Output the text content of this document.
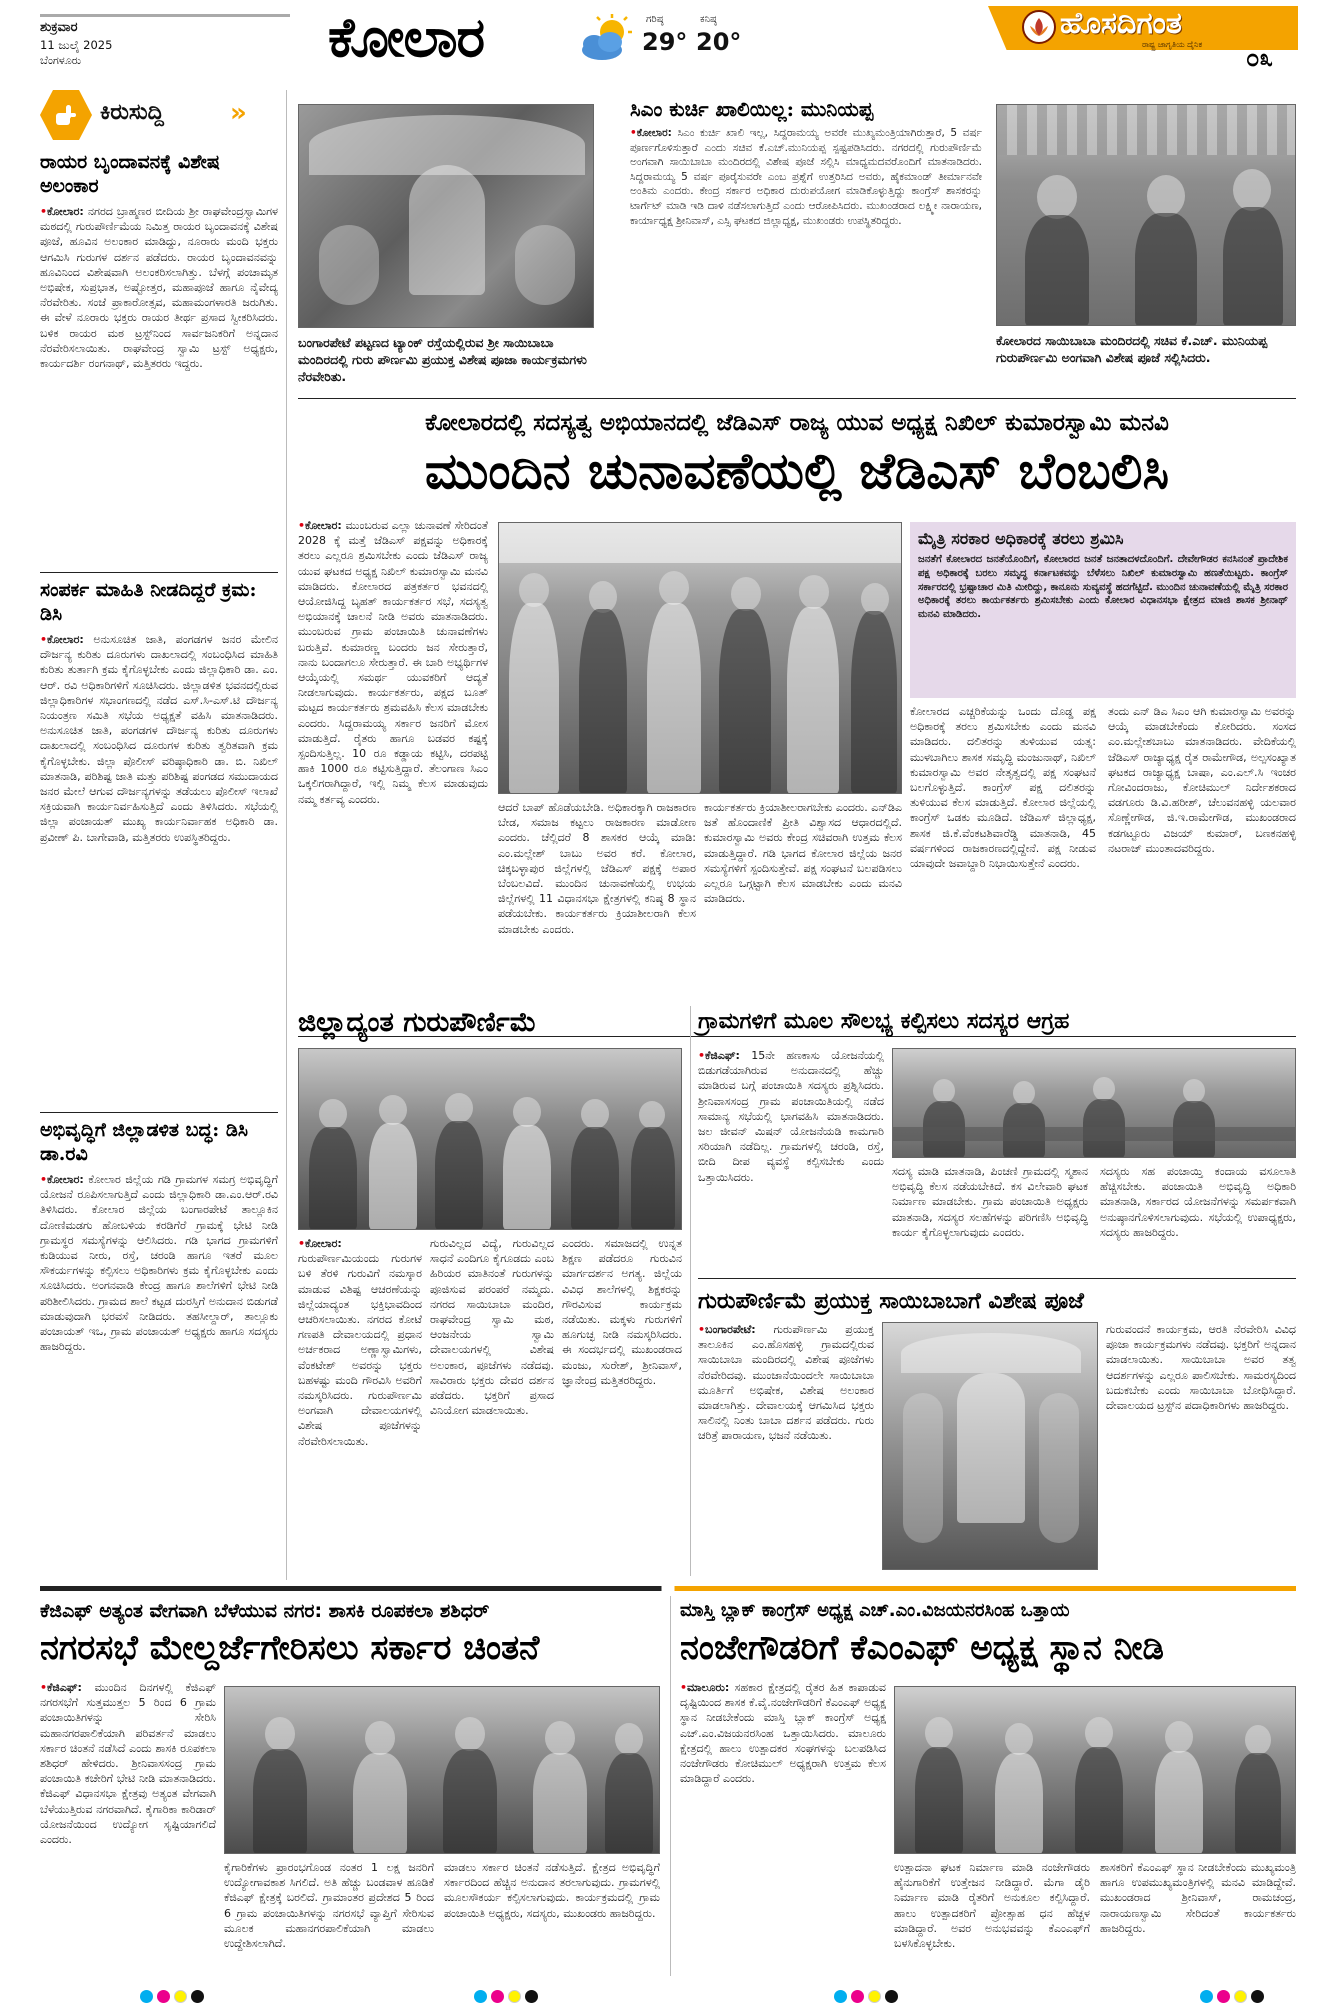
ಶುಕ್ರವಾರ
11 ಜುಲೈ 2025
ಬೆಂಗಳೂರು	ಕೋಲಾರ	ಗರಿಷ್ಠ
29°
ಕನಿಷ್ಠ
20°
ಹೊಸದಿಗಂತ
ರಾಷ್ಟ್ರ ಜಾಗೃತಿಯ ದೈನಿಕ ೦೩
ಕಿರುಸುದ್ದಿ	»
ರಾಯರ ಬೃಂದಾವನಕ್ಕೆ ವಿಶೇಷ ಅಲಂಕಾರ
•ಕೋಲಾರ: ನಗರದ ಬ್ರಾಹ್ಮಣರ ಬೀದಿಯ ಶ್ರೀ ರಾಘವೇಂದ್ರಸ್ವಾಮಿಗಳ ಮಠದಲ್ಲಿ ಗುರುಪೌರ್ಣಿಮೆಯ ನಿಮಿತ್ತ ರಾಯರ ಬೃಂದಾವನಕ್ಕೆ ವಿಶೇಷ ಪೂಜೆ, ಹೂವಿನ ಅಲಂಕಾರ ಮಾಡಿದ್ದು, ನೂರಾರು ಮಂದಿ ಭಕ್ತರು ಆಗಮಿಸಿ ಗುರುಗಳ ದರ್ಶನ ಪಡೆದರು. ರಾಯರ ಬೃಂದಾವನವನ್ನು ಹೂವಿನಿಂದ ವಿಶೇಷವಾಗಿ ಅಲಂಕರಿಸಲಾಗಿತ್ತು. ಬೆಳಗ್ಗೆ ಪಂಚಾಮೃತ ಅಭಿಷೇಕ, ಸುಪ್ರಭಾತ, ಅಷ್ಟೋತ್ತರ, ಮಹಾಪೂಜೆ ಹಾಗೂ ನೈವೇದ್ಯ ನೆರವೇರಿತು. ಸಂಜೆ ಪ್ರಾಕಾರೋತ್ಸವ, ಮಹಾಮಂಗಳಾರತಿ ಜರುಗಿತು. ಈ ವೇಳೆ ನೂರಾರು ಭಕ್ತರು ರಾಯರ ತೀರ್ಥ ಪ್ರಸಾದ ಸ್ವೀಕರಿಸಿದರು. ಬಳಿಕ ರಾಯರ ಮಠ ಟ್ರಸ್ಟ್‌ನಿಂದ ಸಾರ್ವಜನಿಕರಿಗೆ ಅನ್ನದಾನ ನೆರವೇರಿಸಲಾಯಿತು. ರಾಘವೇಂದ್ರ ಸ್ವಾಮಿ ಟ್ರಸ್ಟ್ ಅಧ್ಯಕ್ಷರು, ಕಾರ್ಯದರ್ಶಿ ರಂಗನಾಥ್, ಮತ್ತಿತರರು ಇದ್ದರು.
ಸಂಪರ್ಕ ಮಾಹಿತಿ ನೀಡದಿದ್ದರೆ ಕ್ರಮ: ಡಿಸಿ
•ಕೋಲಾರ: ಅನುಸೂಚಿತ ಜಾತಿ, ಪಂಗಡಗಳ ಜನರ ಮೇಲಿನ ದೌರ್ಜನ್ಯ ಕುರಿತು ದೂರುಗಳು ದಾಖಲಾದಲ್ಲಿ ಸಂಬಂಧಿಸಿದ ಮಾಹಿತಿ ಕುರಿತು ತುರ್ತಾಗಿ ಕ್ರಮ ಕೈಗೊಳ್ಳಬೇಕು ಎಂದು ಜಿಲ್ಲಾಧಿಕಾರಿ ಡಾ. ಎಂ. ಆರ್. ರವಿ ಅಧಿಕಾರಿಗಳಿಗೆ ಸೂಚಿಸಿದರು. ಜಿಲ್ಲಾಡಳಿತ ಭವನದಲ್ಲಿರುವ ಜಿಲ್ಲಾಧಿಕಾರಿಗಳ ಸಭಾಂಗಣದಲ್ಲಿ ನಡೆದ ಎಸ್.ಸಿ-ಎಸ್.ಟಿ ದೌರ್ಜನ್ಯ ನಿಯಂತ್ರಣ ಸಮಿತಿ ಸಭೆಯ ಅಧ್ಯಕ್ಷತೆ ವಹಿಸಿ ಮಾತನಾಡಿದರು. ಅನುಸೂಚಿತ ಜಾತಿ, ಪಂಗಡಗಳ ದೌರ್ಜನ್ಯ ಕುರಿತು ದೂರುಗಳು ದಾಖಲಾದಲ್ಲಿ ಸಂಬಂಧಿಸಿದ ದೂರುಗಳ ಕುರಿತು ತ್ವರಿತವಾಗಿ ಕ್ರಮ ಕೈಗೊಳ್ಳಬೇಕು. ಜಿಲ್ಲಾ ಪೊಲೀಸ್ ವರಿಷ್ಠಾಧಿಕಾರಿ ಡಾ. ಬಿ. ನಿಖಿಲ್ ಮಾತನಾಡಿ, ಪರಿಶಿಷ್ಟ ಜಾತಿ ಮತ್ತು ಪರಿಶಿಷ್ಟ ಪಂಗಡದ ಸಮುದಾಯದ ಜನರ ಮೇಲೆ ಆಗುವ ದೌರ್ಜನ್ಯಗಳನ್ನು ತಡೆಯಲು ಪೊಲೀಸ್ ಇಲಾಖೆ ಸಕ್ರಿಯವಾಗಿ ಕಾರ್ಯನಿರ್ವಹಿಸುತ್ತಿದೆ ಎಂದು ತಿಳಿಸಿದರು. ಸಭೆಯಲ್ಲಿ ಜಿಲ್ಲಾ ಪಂಚಾಯತ್ ಮುಖ್ಯ ಕಾರ್ಯನಿರ್ವಾಹಕ ಅಧಿಕಾರಿ ಡಾ. ಪ್ರವೀಣ್ ಪಿ. ಬಾಗೇವಾಡಿ, ಮತ್ತಿತರರು ಉಪಸ್ಥಿತರಿದ್ದರು.
ಅಭಿವೃದ್ಧಿಗೆ ಜಿಲ್ಲಾಡಳಿತ ಬದ್ಧ: ಡಿಸಿ ಡಾ.ರವಿ
•ಕೋಲಾರ: ಕೋಲಾರ ಜಿಲ್ಲೆಯ ಗಡಿ ಗ್ರಾಮಗಳ ಸಮಗ್ರ ಅಭಿವೃದ್ಧಿಗೆ ಯೋಜನೆ ರೂಪಿಸಲಾಗುತ್ತಿದೆ ಎಂದು ಜಿಲ್ಲಾಧಿಕಾರಿ ಡಾ.ಎಂ.ಆರ್.ರವಿ ತಿಳಿಸಿದರು. ಕೋಲಾರ ಜಿಲ್ಲೆಯ ಬಂಗಾರಪೇಟೆ ತಾಲ್ಲೂಕಿನ ದೋಣಿಮಡಗು ಹೋಬಳಿಯ ಕರಡಿಗೆರೆ ಗ್ರಾಮಕ್ಕೆ ಭೇಟಿ ನೀಡಿ ಗ್ರಾಮಸ್ಥರ ಸಮಸ್ಯೆಗಳನ್ನು ಆಲಿಸಿದರು. ಗಡಿ ಭಾಗದ ಗ್ರಾಮಗಳಿಗೆ ಕುಡಿಯುವ ನೀರು, ರಸ್ತೆ, ಚರಂಡಿ ಹಾಗೂ ಇತರೆ ಮೂಲ ಸೌಕರ್ಯಗಳನ್ನು ಕಲ್ಪಿಸಲು ಅಧಿಕಾರಿಗಳು ಕ್ರಮ ಕೈಗೊಳ್ಳಬೇಕು ಎಂದು ಸೂಚಿಸಿದರು. ಅಂಗನವಾಡಿ ಕೇಂದ್ರ ಹಾಗೂ ಶಾಲೆಗಳಿಗೆ ಭೇಟಿ ನೀಡಿ ಪರಿಶೀಲಿಸಿದರು. ಗ್ರಾಮದ ಶಾಲೆ ಕಟ್ಟಡ ದುರಸ್ತಿಗೆ ಅನುದಾನ ಬಿಡುಗಡೆ ಮಾಡುವುದಾಗಿ ಭರವಸೆ ನೀಡಿದರು. ತಹಸೀಲ್ದಾರ್, ತಾಲ್ಲೂಕು ಪಂಚಾಯತ್ ಇಒ, ಗ್ರಾಮ ಪಂಚಾಯತ್ ಅಧ್ಯಕ್ಷರು ಹಾಗೂ ಸದಸ್ಯರು ಹಾಜರಿದ್ದರು.
ಬಂಗಾರಪೇಟೆ ಪಟ್ಟಣದ ಟ್ಯಾಂಕ್ ರಸ್ತೆಯಲ್ಲಿರುವ ಶ್ರೀ ಸಾಯಿಬಾಬಾ ಮಂದಿರದಲ್ಲಿ ಗುರು ಪೌರ್ಣಮಿ ಪ್ರಯುಕ್ತ ವಿಶೇಷ ಪೂಜಾ ಕಾರ್ಯಕ್ರಮಗಳು ನೆರವೇರಿತು.
ಸಿಎಂ ಕುರ್ಚಿ ಖಾಲಿಯಿಲ್ಲ: ಮುನಿಯಪ್ಪ
•ಕೋಲಾರ: ಸಿಎಂ ಕುರ್ಚಿ ಖಾಲಿ ಇಲ್ಲ, ಸಿದ್ದರಾಮಯ್ಯ ಅವರೇ ಮುಖ್ಯಮಂತ್ರಿಯಾಗಿರುತ್ತಾರೆ, 5 ವರ್ಷ ಪೂರ್ಣಗೊಳಿಸುತ್ತಾರೆ ಎಂದು ಸಚಿವ ಕೆ.ಎಚ್.ಮುನಿಯಪ್ಪ ಸ್ಪಷ್ಟಪಡಿಸಿದರು. ನಗರದಲ್ಲಿ ಗುರುಪೌರ್ಣಿಮೆ ಅಂಗವಾಗಿ ಸಾಯಿಬಾಬಾ ಮಂದಿರದಲ್ಲಿ ವಿಶೇಷ ಪೂಜೆ ಸಲ್ಲಿಸಿ ಮಾಧ್ಯಮದವರೊಂದಿಗೆ ಮಾತನಾಡಿದರು. ಸಿದ್ದರಾಮಯ್ಯ 5 ವರ್ಷ ಪೂರೈಸುವರೇ ಎಂಬ ಪ್ರಶ್ನೆಗೆ ಉತ್ತರಿಸಿದ ಅವರು, ಹೈಕಮಾಂಡ್ ತೀರ್ಮಾನವೇ ಅಂತಿಮ ಎಂದರು. ಕೇಂದ್ರ ಸರ್ಕಾರ ಅಧಿಕಾರ ದುರುಪಯೋಗ ಮಾಡಿಕೊಳ್ಳುತ್ತಿದ್ದು ಕಾಂಗ್ರೆಸ್ ಶಾಸಕರನ್ನು ಟಾರ್ಗೆಟ್ ಮಾಡಿ ಇಡಿ ದಾಳಿ ನಡೆಸಲಾಗುತ್ತಿದೆ ಎಂದು ಆರೋಪಿಸಿದರು. ಮುಖಂಡರಾದ ಲಕ್ಷ್ಮೀ ನಾರಾಯಣ, ಕಾರ್ಯಾಧ್ಯಕ್ಷ ಶ್ರೀನಿವಾಸ್, ಎಸ್ಸಿ ಘಟಕದ ಜಿಲ್ಲಾಧ್ಯಕ್ಷ, ಮುಖಂಡರು ಉಪಸ್ಥಿತರಿದ್ದರು.
ಕೋಲಾರದ ಸಾಯಿಬಾಬಾ ಮಂದಿರದಲ್ಲಿ ಸಚಿವ ಕೆ.ಎಚ್. ಮುನಿಯಪ್ಪ ಗುರುಪೌರ್ಣಮಿ ಅಂಗವಾಗಿ ವಿಶೇಷ ಪೂಜೆ ಸಲ್ಲಿಸಿದರು.
ಕೋಲಾರದಲ್ಲಿ ಸದಸ್ಯತ್ವ ಅಭಿಯಾನದಲ್ಲಿ ಜೆಡಿಎಸ್ ರಾಜ್ಯ ಯುವ ಅಧ್ಯಕ್ಷ ನಿಖಿಲ್ ಕುಮಾರಸ್ವಾಮಿ ಮನವಿ
ಮುಂದಿನ ಚುನಾವಣೆಯಲ್ಲಿ ಜೆಡಿಎಸ್ ಬೆಂಬಲಿಸಿ
•ಕೋಲಾರ: ಮುಂಬರುವ ಎಲ್ಲಾ ಚುನಾವಣೆ ಸೇರಿದಂತೆ 2028 ಕ್ಕೆ ಮತ್ತೆ ಜೆಡಿಎಸ್ ಪಕ್ಷವನ್ನು ಅಧಿಕಾರಕ್ಕೆ ತರಲು ಎಲ್ಲರೂ ಶ್ರಮಿಸಬೇಕು ಎಂದು ಜೆಡಿಎಸ್ ರಾಜ್ಯ ಯುವ ಘಟಕದ ಅಧ್ಯಕ್ಷ ನಿಖಿಲ್ ಕುಮಾರಸ್ವಾಮಿ ಮನವಿ ಮಾಡಿದರು. ಕೋಲಾರದ ಪತ್ರಕರ್ತರ ಭವನದಲ್ಲಿ ಆಯೋಜಿಸಿದ್ದ ಬೃಹತ್ ಕಾರ್ಯಕರ್ತರ ಸಭೆ, ಸದಸ್ಯತ್ವ ಅಭಿಯಾನಕ್ಕೆ ಚಾಲನೆ ನೀಡಿ ಅವರು ಮಾತನಾಡಿದರು. ಮುಂಬರುವ ಗ್ರಾಮ ಪಂಚಾಯಿತಿ ಚುನಾವಣೆಗಳು ಬರುತ್ತಿವೆ. ಕುಮಾರಣ್ಣ ಬಂದರು ಜನ ಸೇರುತ್ತಾರೆ, ನಾನು ಬಂದಾಗಲೂ ಸೇರುತ್ತಾರೆ. ಈ ಬಾರಿ ಅಭ್ಯರ್ಥಿಗಳ ಆಯ್ಕೆಯಲ್ಲಿ ಸಮರ್ಥ ಯುವಕರಿಗೆ ಆದ್ಯತೆ ನೀಡಲಾಗುವುದು. ಕಾರ್ಯಕರ್ತರು, ಪಕ್ಷದ ಬೂತ್ ಮಟ್ಟದ ಕಾರ್ಯಕರ್ತರು ಶ್ರಮವಹಿಸಿ ಕೆಲಸ ಮಾಡಬೇಕು ಎಂದರು. ಸಿದ್ದರಾಮಯ್ಯ ಸರ್ಕಾರ ಜನರಿಗೆ ಮೋಸ ಮಾಡುತ್ತಿದೆ. ರೈತರು ಹಾಗೂ ಬಡವರ ಕಷ್ಟಕ್ಕೆ ಸ್ಪಂದಿಸುತ್ತಿಲ್ಲ. 10 ರೂ ಕಡ್ಡಾಯ ಕಟ್ಟಿಸಿ, ದರಪಟ್ಟಿ ಹಾಕಿ 1000 ರೂ ಕಟ್ಟಿಸುತ್ತಿದ್ದಾರೆ. ತೆಲಂಗಾಣ ಸಿಎಂ ಒಕ್ಕಲಿಗರಾಗಿದ್ದಾರೆ, ಇಲ್ಲಿ ನಿಮ್ಮ ಕೆಲಸ ಮಾಡುವುದು ನಮ್ಮ ಕರ್ತವ್ಯ ಎಂದರು.
ಆದರೆ ಬಾಪ್ ಹೊಡೆಯಬೇಡಿ. ಅಧಿಕಾರಕ್ಕಾಗಿ ರಾಜಕಾರಣ ಬೇಡ, ಸಮಾಜ ಕಟ್ಟಲು ರಾಜಕಾರಣ ಮಾಡೋಣ ಎಂದರು. ಚೆಲ್ಲಿದರೆ 8 ಶಾಸಕರ ಆಯ್ಕೆ ಮಾಡಿ: ಎಂ.ಮಲ್ಲೇಶ್ ಬಾಬು ಅವರ ಕರೆ. ಕೋಲಾರ, ಚಿಕ್ಕಬಳ್ಳಾಪುರ ಜಿಲ್ಲೆಗಳಲ್ಲಿ ಜೆಡಿಎಸ್ ಪಕ್ಷಕ್ಕೆ ಅಪಾರ ಬೆಂಬಲವಿದೆ. ಮುಂದಿನ ಚುನಾವಣೆಯಲ್ಲಿ ಉಭಯ ಜಿಲ್ಲೆಗಳಲ್ಲಿ 11 ವಿಧಾನಸಭಾ ಕ್ಷೇತ್ರಗಳಲ್ಲಿ ಕನಿಷ್ಠ 8 ಸ್ಥಾನ ಪಡೆಯಬೇಕು. ಕಾರ್ಯಕರ್ತರು ಕ್ರಿಯಾಶೀಲರಾಗಿ ಕೆಲಸ ಮಾಡಬೇಕು ಎಂದರು.
ಕಾರ್ಯಕರ್ತರು ಕ್ರಿಯಾಶೀಲರಾಗಬೇಕು ಎಂದರು. ಎನ್‌ಡಿಎ ಜತೆ ಹೊಂದಾಣಿಕೆ ಪ್ರೀತಿ ವಿಶ್ವಾಸದ ಆಧಾರದಲ್ಲಿದೆ. ಕುಮಾರಸ್ವಾಮಿ ಅವರು ಕೇಂದ್ರ ಸಚಿವರಾಗಿ ಉತ್ತಮ ಕೆಲಸ ಮಾಡುತ್ತಿದ್ದಾರೆ. ಗಡಿ ಭಾಗದ ಕೋಲಾರ ಜಿಲ್ಲೆಯ ಜನರ ಸಮಸ್ಯೆಗಳಿಗೆ ಸ್ಪಂದಿಸುತ್ತೇವೆ. ಪಕ್ಷ ಸಂಘಟನೆ ಬಲಪಡಿಸಲು ಎಲ್ಲರೂ ಒಗ್ಗಟ್ಟಾಗಿ ಕೆಲಸ ಮಾಡಬೇಕು ಎಂದು ಮನವಿ ಮಾಡಿದರು.
ಮೈತ್ರಿ ಸರಕಾರ ಅಧಿಕಾರಕ್ಕೆ ತರಲು ಶ್ರಮಿಸಿ
ಜನತೆಗೆ ಕೋಲಾರದ ಜನತೆಯೊಂದಿಗೆ, ಕೋಲಾರದ ಜನತೆ ಜನತಾದಳದೊಂದಿಗೆ. ದೇವೇಗೌಡರ ಕನಸಿನಂತೆ ಪ್ರಾದೇಶಿಕ ಪಕ್ಷ ಅಧಿಕಾರಕ್ಕೆ ಬರಲು ಸಮೃದ್ಧ ಕರ್ನಾಟಕವನ್ನು ಬೆಳೆಸಲು ನಿಖಿಲ್ ಕುಮಾರಸ್ವಾಮಿ ಹಣತೆಯಿಟ್ಟರು. ಕಾಂಗ್ರೆಸ್ ಸರ್ಕಾರದಲ್ಲಿ ಭ್ರಷ್ಟಾಚಾರ ಮಿತಿ ಮೀರಿದ್ದು, ಕಾನೂನು ಸುವ್ಯವಸ್ಥೆ ಹದಗೆಟ್ಟಿದೆ. ಮುಂದಿನ ಚುನಾವಣೆಯಲ್ಲಿ ಮೈತ್ರಿ ಸರಕಾರ ಅಧಿಕಾರಕ್ಕೆ ತರಲು ಕಾರ್ಯಕರ್ತರು ಶ್ರಮಿಸಬೇಕು ಎಂದು ಕೋಲಾರ ವಿಧಾನಸಭಾ ಕ್ಷೇತ್ರದ ಮಾಜಿ ಶಾಸಕ ಶ್ರೀನಾಥ್ ಮನವಿ ಮಾಡಿದರು.
ಕೋಲಾರದ ಎಚ್ಚರಿಕೆಯನ್ನು ಒಂದು ದೊಡ್ಡ ಪಕ್ಷ ಅಧಿಕಾರಕ್ಕೆ ತರಲು ಶ್ರಮಿಸಬೇಕು ಎಂದು ಮನವಿ ಮಾಡಿದರು. ದಲಿತರನ್ನು ತುಳಿಯುವ ಯತ್ನ: ಮುಳಬಾಗಿಲು ಶಾಸಕ ಸಮೃದ್ಧಿ ಮಂಜುನಾಥ್, ನಿಖಿಲ್ ಕುಮಾರಸ್ವಾಮಿ ಅವರ ನೇತೃತ್ವದಲ್ಲಿ ಪಕ್ಷ ಸಂಘಟನೆ ಬಲಗೊಳ್ಳುತ್ತಿದೆ. ಕಾಂಗ್ರೆಸ್ ಪಕ್ಷ ದಲಿತರನ್ನು ತುಳಿಯುವ ಕೆಲಸ ಮಾಡುತ್ತಿದೆ. ಕೋಲಾರ ಜಿಲ್ಲೆಯಲ್ಲಿ ಕಾಂಗ್ರೆಸ್ ಒಡಕು ಮೂಡಿದೆ. ಜೆಡಿಎಸ್ ಜಿಲ್ಲಾಧ್ಯಕ್ಷ, ಶಾಸಕ ಜಿ.ಕೆ.ವೆಂಕಟಶಿವಾರೆಡ್ಡಿ ಮಾತನಾಡಿ, 45 ವರ್ಷಗಳಿಂದ ರಾಜಕಾರಣದಲ್ಲಿದ್ದೇನೆ. ಪಕ್ಷ ನೀಡುವ ಯಾವುದೇ ಜವಾಬ್ದಾರಿ ನಿಭಾಯಿಸುತ್ತೇನೆ ಎಂದರು.
ತಂದು ಎನ್ ಡಿಎ ಸಿಎಂ ಆಗಿ ಕುಮಾರಸ್ವಾಮಿ ಅವರನ್ನು ಆಯ್ಕೆ ಮಾಡಬೇಕೆಂದು ಕೋರಿದರು. ಸಂಸದ ಎಂ.ಮಲ್ಲೇಶಬಾಬು ಮಾತನಾಡಿದರು. ವೇದಿಕೆಯಲ್ಲಿ ಜೆಡಿಎಸ್ ರಾಜ್ಯಾಧ್ಯಕ್ಷ ರೈತ ರಾಮೇಗೌಡ, ಅಲ್ಪಸಂಖ್ಯಾತ ಘಟಕದ ರಾಜ್ಯಾಧ್ಯಕ್ಷ ಬಾಷಾ, ಎಂ.ಎಲ್.ಸಿ ಇಂಚರ ಗೋವಿಂದರಾಜು, ಕೋಚಿಮುಲ್ ನಿರ್ದೇಶಕರಾದ ವಡಗೂರು ಡಿ.ವಿ.ಹರೀಶ್, ಚೆಲುವನಹಳ್ಳಿ ಯಲವಾರ ಸೊಣ್ಣೇಗೌಡ, ಜಿ.ಇ.ರಾಮೇಗೌಡ, ಮುಖಂಡರಾದ ಕಡಗಟ್ಟೂರು ವಿಜಯ್ ಕುಮಾರ್, ಬಣಕನಹಳ್ಳಿ ನಟರಾಜ್ ಮುಂತಾದವರಿದ್ದರು.
ಜಿಲ್ಲಾದ್ಯಂತ ಗುರುಪೌರ್ಣಿಮೆ
•ಕೋಲಾರ: ಗುರುಪೌರ್ಣಮಿಯಂದು ಗುರುಗಳ ಬಳಿ ತೆರಳಿ ಗುರುವಿಗೆ ನಮಸ್ಕಾರ ಮಾಡುವ ವಿಶಿಷ್ಟ ಆಚರಣೆಯನ್ನು ಜಿಲ್ಲೆಯಾದ್ಯಂತ ಭಕ್ತಿಭಾವದಿಂದ ಆಚರಿಸಲಾಯಿತು. ನಗರದ ಕೋಟೆ ಗಣಪತಿ ದೇವಾಲಯದಲ್ಲಿ ಪ್ರಧಾನ ಅರ್ಚಕರಾದ ಅಣ್ಣಾಸ್ವಾಮಿಗಳು, ವೆಂಕಟೇಶ್‌ ಅವರನ್ನು ಭಕ್ತರು ಬಹಳಷ್ಟು ಮಂದಿ ಗೌರವಿಸಿ ಅವರಿಗೆ ನಮಸ್ಕರಿಸಿದರು. ಗುರುಪೌರ್ಣಮಿ ಅಂಗವಾಗಿ ದೇವಾಲಯಗಳಲ್ಲಿ ವಿಶೇಷ ಪೂಜೆಗಳನ್ನು ನೆರವೇರಿಸಲಾಯಿತು.
ಗುರುವಿಲ್ಲದ ವಿದ್ಯೆ, ಗುರುವಿಲ್ಲದ ಸಾಧನೆ ಎಂದಿಗೂ ಕೈಗೂಡದು ಎಂಬ ಹಿರಿಯರ ಮಾತಿನಂತೆ ಗುರುಗಳನ್ನು ಪೂಜಿಸುವ ಪರಂಪರೆ ನಮ್ಮದು. ನಗರದ ಸಾಯಿಬಾಬಾ ಮಂದಿರ, ರಾಘವೇಂದ್ರ ಸ್ವಾಮಿ ಮಠ, ಆಂಜನೇಯ ಸ್ವಾಮಿ ದೇವಾಲಯಗಳಲ್ಲಿ ವಿಶೇಷ ಅಲಂಕಾರ, ಪೂಜೆಗಳು ನಡೆದವು. ಸಾವಿರಾರು ಭಕ್ತರು ದೇವರ ದರ್ಶನ ಪಡೆದರು. ಭಕ್ತರಿಗೆ ಪ್ರಸಾದ ವಿನಿಯೋಗ ಮಾಡಲಾಯಿತು.
ಎಂದರು. ಸಮಾಜದಲ್ಲಿ ಉನ್ನತ ಶಿಕ್ಷಣ ಪಡೆದರೂ ಗುರುವಿನ ಮಾರ್ಗದರ್ಶನ ಅಗತ್ಯ. ಜಿಲ್ಲೆಯ ವಿವಿಧ ಶಾಲೆಗಳಲ್ಲಿ ಶಿಕ್ಷಕರನ್ನು ಗೌರವಿಸುವ ಕಾರ್ಯಕ್ರಮ ನಡೆಯಿತು. ಮಕ್ಕಳು ಗುರುಗಳಿಗೆ ಹೂಗುಚ್ಛ ನೀಡಿ ನಮಸ್ಕರಿಸಿದರು. ಈ ಸಂದರ್ಭದಲ್ಲಿ ಮುಖಂಡರಾದ ಮಂಜು, ಸುರೇಶ್, ಶ್ರೀನಿವಾಸ್, ಜ್ಞಾನೇಂದ್ರ ಮತ್ತಿತರರಿದ್ದರು.
ಗ್ರಾಮಗಳಿಗೆ ಮೂಲ ಸೌಲಭ್ಯ ಕಲ್ಪಿಸಲು ಸದಸ್ಯರ ಆಗ್ರಹ
•ಕೆಜಿಎಫ್: 15ನೇ ಹಣಕಾಸು ಯೋಜನೆಯಲ್ಲಿ ಬಿಡುಗಡೆಯಾಗಿರುವ ಅನುದಾನದಲ್ಲಿ ಹೆಚ್ಚು ಮಾಡಿರುವ ಬಗ್ಗೆ ಪಂಚಾಯಿತಿ ಸದಸ್ಯರು ಪ್ರಶ್ನಿಸಿದರು. ಶ್ರೀನಿವಾಸಸಂದ್ರ ಗ್ರಾಮ ಪಂಚಾಯಿತಿಯಲ್ಲಿ ನಡೆದ ಸಾಮಾನ್ಯ ಸಭೆಯಲ್ಲಿ ಭಾಗವಹಿಸಿ ಮಾತನಾಡಿದರು. ಜಲ ಜೀವನ್ ಮಿಷನ್ ಯೋಜನೆಯಡಿ ಕಾಮಗಾರಿ ಸರಿಯಾಗಿ ನಡೆದಿಲ್ಲ. ಗ್ರಾಮಗಳಲ್ಲಿ ಚರಂಡಿ, ರಸ್ತೆ, ಬೀದಿ ದೀಪ ವ್ಯವಸ್ಥೆ ಕಲ್ಪಿಸಬೇಕು ಎಂದು ಒತ್ತಾಯಿಸಿದರು.	ಸದಸ್ಯ ಮಾಡಿ ಮಾತನಾಡಿ, ಪಿಂಚಣಿ ಗ್ರಾಮದಲ್ಲಿ ಸ್ಮಶಾನ ಅಭಿವೃದ್ಧಿ ಕೆಲಸ ನಡೆಯಬೇಕಿದೆ. ಕಸ ವಿಲೇವಾರಿ ಘಟಕ ನಿರ್ಮಾಣ ಮಾಡಬೇಕು. ಗ್ರಾಮ ಪಂಚಾಯಿತಿ ಅಧ್ಯಕ್ಷರು ಮಾತನಾಡಿ, ಸದಸ್ಯರ ಸಲಹೆಗಳನ್ನು ಪರಿಗಣಿಸಿ ಅಭಿವೃದ್ಧಿ ಕಾರ್ಯ ಕೈಗೊಳ್ಳಲಾಗುವುದು ಎಂದರು.
ಸದಸ್ಯರು ಸಹ ಪಂಚಾಯ್ತಿ ಕಂದಾಯ ವಸೂಲಾತಿ ಹೆಚ್ಚಿಸಬೇಕು. ಪಂಚಾಯಿತಿ ಅಭಿವೃದ್ಧಿ ಅಧಿಕಾರಿ ಮಾತನಾಡಿ, ಸರ್ಕಾರದ ಯೋಜನೆಗಳನ್ನು ಸಮರ್ಪಕವಾಗಿ ಅನುಷ್ಠಾನಗೊಳಿಸಲಾಗುವುದು. ಸಭೆಯಲ್ಲಿ ಉಪಾಧ್ಯಕ್ಷರು, ಸದಸ್ಯರು ಹಾಜರಿದ್ದರು.
ಗುರುಪೌರ್ಣಿಮೆ ಪ್ರಯುಕ್ತ ಸಾಯಿಬಾಬಾಗೆ ವಿಶೇಷ ಪೂಜೆ
•ಬಂಗಾರಪೇಟೆ: ಗುರುಪೌರ್ಣಮಿ ಪ್ರಯುಕ್ತ ತಾಲೂಕಿನ ಎಂ.ಹೊಸಹಳ್ಳಿ ಗ್ರಾಮದಲ್ಲಿರುವ ಸಾಯಿಬಾಬಾ ಮಂದಿರದಲ್ಲಿ ವಿಶೇಷ ಪೂಜೆಗಳು ನೆರವೇರಿದವು. ಮುಂಜಾನೆಯಿಂದಲೇ ಸಾಯಿಬಾಬಾ ಮೂರ್ತಿಗೆ ಅಭಿಷೇಕ, ವಿಶೇಷ ಅಲಂಕಾರ ಮಾಡಲಾಗಿತ್ತು. ದೇವಾಲಯಕ್ಕೆ ಆಗಮಿಸಿದ ಭಕ್ತರು ಸಾಲಿನಲ್ಲಿ ನಿಂತು ಬಾಬಾ ದರ್ಶನ ಪಡೆದರು. ಗುರು ಚರಿತ್ರೆ ಪಾರಾಯಣ, ಭಜನೆ ನಡೆಯಿತು.
ಗುರುವಂದನೆ ಕಾರ್ಯಕ್ರಮ, ಆರತಿ ನೆರವೇರಿಸಿ ವಿವಿಧ ಪೂಜಾ ಕಾರ್ಯಕ್ರಮಗಳು ನಡೆದವು. ಭಕ್ತರಿಗೆ ಅನ್ನದಾನ ಮಾಡಲಾಯಿತು. ಸಾಯಿಬಾಬಾ ಅವರ ತತ್ವ ಆದರ್ಶಗಳನ್ನು ಎಲ್ಲರೂ ಪಾಲಿಸಬೇಕು. ಸಾಮರಸ್ಯದಿಂದ ಬದುಕಬೇಕು ಎಂದು ಸಾಯಿಬಾಬಾ ಬೋಧಿಸಿದ್ದಾರೆ. ದೇವಾಲಯದ ಟ್ರಸ್ಟ್‌ನ ಪದಾಧಿಕಾರಿಗಳು ಹಾಜರಿದ್ದರು.
ಕೆಜಿಎಫ್ ಅತ್ಯಂತ ವೇಗವಾಗಿ ಬೆಳೆಯುವ ನಗರ: ಶಾಸಕಿ ರೂಪಕಲಾ ಶಶಿಧರ್
ನಗರಸಭೆ ಮೇಲ್ದರ್ಜೆಗೇರಿಸಲು ಸರ್ಕಾರ ಚಿಂತನೆ
•ಕೆಜಿಎಫ್: ಮುಂದಿನ ದಿನಗಳಲ್ಲಿ ಕೆಜಿಎಫ್ ನಗರಸಭೆಗೆ ಸುತ್ತಮುತ್ತಲ 5 ರಿಂದ 6 ಗ್ರಾಮ ಪಂಚಾಯಿತಿಗಳನ್ನು ಸೇರಿಸಿ ಮಹಾನಗರಪಾಲಿಕೆಯಾಗಿ ಪರಿವರ್ತನೆ ಮಾಡಲು ಸರ್ಕಾರ ಚಿಂತನೆ ನಡೆಸಿದೆ ಎಂದು ಶಾಸಕಿ ರೂಪಕಲಾ ಶಶಿಧರ್ ಹೇಳಿದರು. ಶ್ರೀನಿವಾಸಸಂದ್ರ ಗ್ರಾಮ ಪಂಚಾಯಿತಿ ಕಚೇರಿಗೆ ಭೇಟಿ ನೀಡಿ ಮಾತನಾಡಿದರು. ಕೆಜಿಎಫ್ ವಿಧಾನಸಭಾ ಕ್ಷೇತ್ರವು ಅತ್ಯಂತ ವೇಗವಾಗಿ ಬೆಳೆಯುತ್ತಿರುವ ನಗರವಾಗಿದೆ. ಕೈಗಾರಿಕಾ ಕಾರಿಡಾರ್ ಯೋಜನೆಯಿಂದ ಉದ್ಯೋಗ ಸೃಷ್ಟಿಯಾಗಲಿದೆ ಎಂದರು.
ಕೈಗಾರಿಕೆಗಳು ಪ್ರಾರಂಭಗೊಂಡ ನಂತರ 1 ಲಕ್ಷ ಜನರಿಗೆ ಉದ್ಯೋಗಾವಕಾಶ ಸಿಗಲಿದೆ. ಅತಿ ಹೆಚ್ಚು ಬಂಡವಾಳ ಹೂಡಿಕೆ ಕೆಜಿಎಫ್ ಕ್ಷೇತ್ರಕ್ಕೆ ಬರಲಿದೆ. ಗ್ರಾಮಾಂತರ ಪ್ರದೇಶದ 5 ರಿಂದ 6 ಗ್ರಾಮ ಪಂಚಾಯಿತಿಗಳನ್ನು ನಗರಸಭೆ ವ್ಯಾಪ್ತಿಗೆ ಸೇರಿಸುವ ಮೂಲಕ ಮಹಾನಗರಪಾಲಿಕೆಯಾಗಿ ಮಾಡಲು ಉದ್ದೇಶಿಸಲಾಗಿದೆ.
ಮಾಡಲು ಸರ್ಕಾರ ಚಿಂತನೆ ನಡೆಸುತ್ತಿದೆ. ಕ್ಷೇತ್ರದ ಅಭಿವೃದ್ಧಿಗೆ ಸರ್ಕಾರದಿಂದ ಹೆಚ್ಚಿನ ಅನುದಾನ ತರಲಾಗುವುದು. ಗ್ರಾಮಗಳಲ್ಲಿ ಮೂಲಸೌಕರ್ಯ ಕಲ್ಪಿಸಲಾಗುವುದು. ಕಾರ್ಯಕ್ರಮದಲ್ಲಿ ಗ್ರಾಮ ಪಂಚಾಯಿತಿ ಅಧ್ಯಕ್ಷರು, ಸದಸ್ಯರು, ಮುಖಂಡರು ಹಾಜರಿದ್ದರು.
ಮಾಸ್ತಿ ಬ್ಲಾಕ್ ಕಾಂಗ್ರೆಸ್ ಅಧ್ಯಕ್ಷ ಎಚ್.ಎಂ.ವಿಜಯನರಸಿಂಹ ಒತ್ತಾಯ
ನಂಜೇಗೌಡರಿಗೆ ಕೆಎಂಎಫ್ ಅಧ್ಯಕ್ಷ ಸ್ಥಾನ ನೀಡಿ
•ಮಾಲೂರು: ಸಹಕಾರ ಕ್ಷೇತ್ರದಲ್ಲಿ ರೈತರ ಹಿತ ಕಾಪಾಡುವ ದೃಷ್ಟಿಯಿಂದ ಶಾಸಕ ಕೆ.ವೈ.ನಂಜೇಗೌಡರಿಗೆ ಕೆಎಂಎಫ್ ಅಧ್ಯಕ್ಷ ಸ್ಥಾನ ನೀಡಬೇಕೆಂದು ಮಾಸ್ತಿ ಬ್ಲಾಕ್ ಕಾಂಗ್ರೆಸ್ ಅಧ್ಯಕ್ಷ ಎಚ್.ಎಂ.ವಿಜಯನರಸಿಂಹ ಒತ್ತಾಯಿಸಿದರು. ಮಾಲೂರು ಕ್ಷೇತ್ರದಲ್ಲಿ ಹಾಲು ಉತ್ಪಾದಕರ ಸಂಘಗಳನ್ನು ಬಲಪಡಿಸಿದ ನಂಜೇಗೌಡರು ಕೋಚಿಮುಲ್ ಅಧ್ಯಕ್ಷರಾಗಿ ಉತ್ತಮ ಕೆಲಸ ಮಾಡಿದ್ದಾರೆ ಎಂದರು.
ಉತ್ಪಾದನಾ ಘಟಕ ನಿರ್ಮಾಣ ಮಾಡಿ ನಂಜೇಗೌಡರು ಹೈನುಗಾರಿಕೆಗೆ ಉತ್ತೇಜನ ನೀಡಿದ್ದಾರೆ. ಮೆಗಾ ಡೈರಿ ನಿರ್ಮಾಣ ಮಾಡಿ ರೈತರಿಗೆ ಅನುಕೂಲ ಕಲ್ಪಿಸಿದ್ದಾರೆ. ಹಾಲು ಉತ್ಪಾದಕರಿಗೆ ಪ್ರೋತ್ಸಾಹ ಧನ ಹೆಚ್ಚಳ ಮಾಡಿದ್ದಾರೆ. ಅವರ ಅನುಭವವನ್ನು ಕೆಎಂಎಫ್‌ಗೆ ಬಳಸಿಕೊಳ್ಳಬೇಕು.
ಶಾಸಕರಿಗೆ ಕೆಎಂಎಫ್ ಸ್ಥಾನ ನೀಡಬೇಕೆಂದು ಮುಖ್ಯಮಂತ್ರಿ ಹಾಗೂ ಉಪಮುಖ್ಯಮಂತ್ರಿಗಳಲ್ಲಿ ಮನವಿ ಮಾಡಿದ್ದೇವೆ. ಮುಖಂಡರಾದ ಶ್ರೀನಿವಾಸ್, ರಾಮಚಂದ್ರ, ನಾರಾಯಣಸ್ವಾಮಿ ಸೇರಿದಂತೆ ಕಾರ್ಯಕರ್ತರು ಹಾಜರಿದ್ದರು.
